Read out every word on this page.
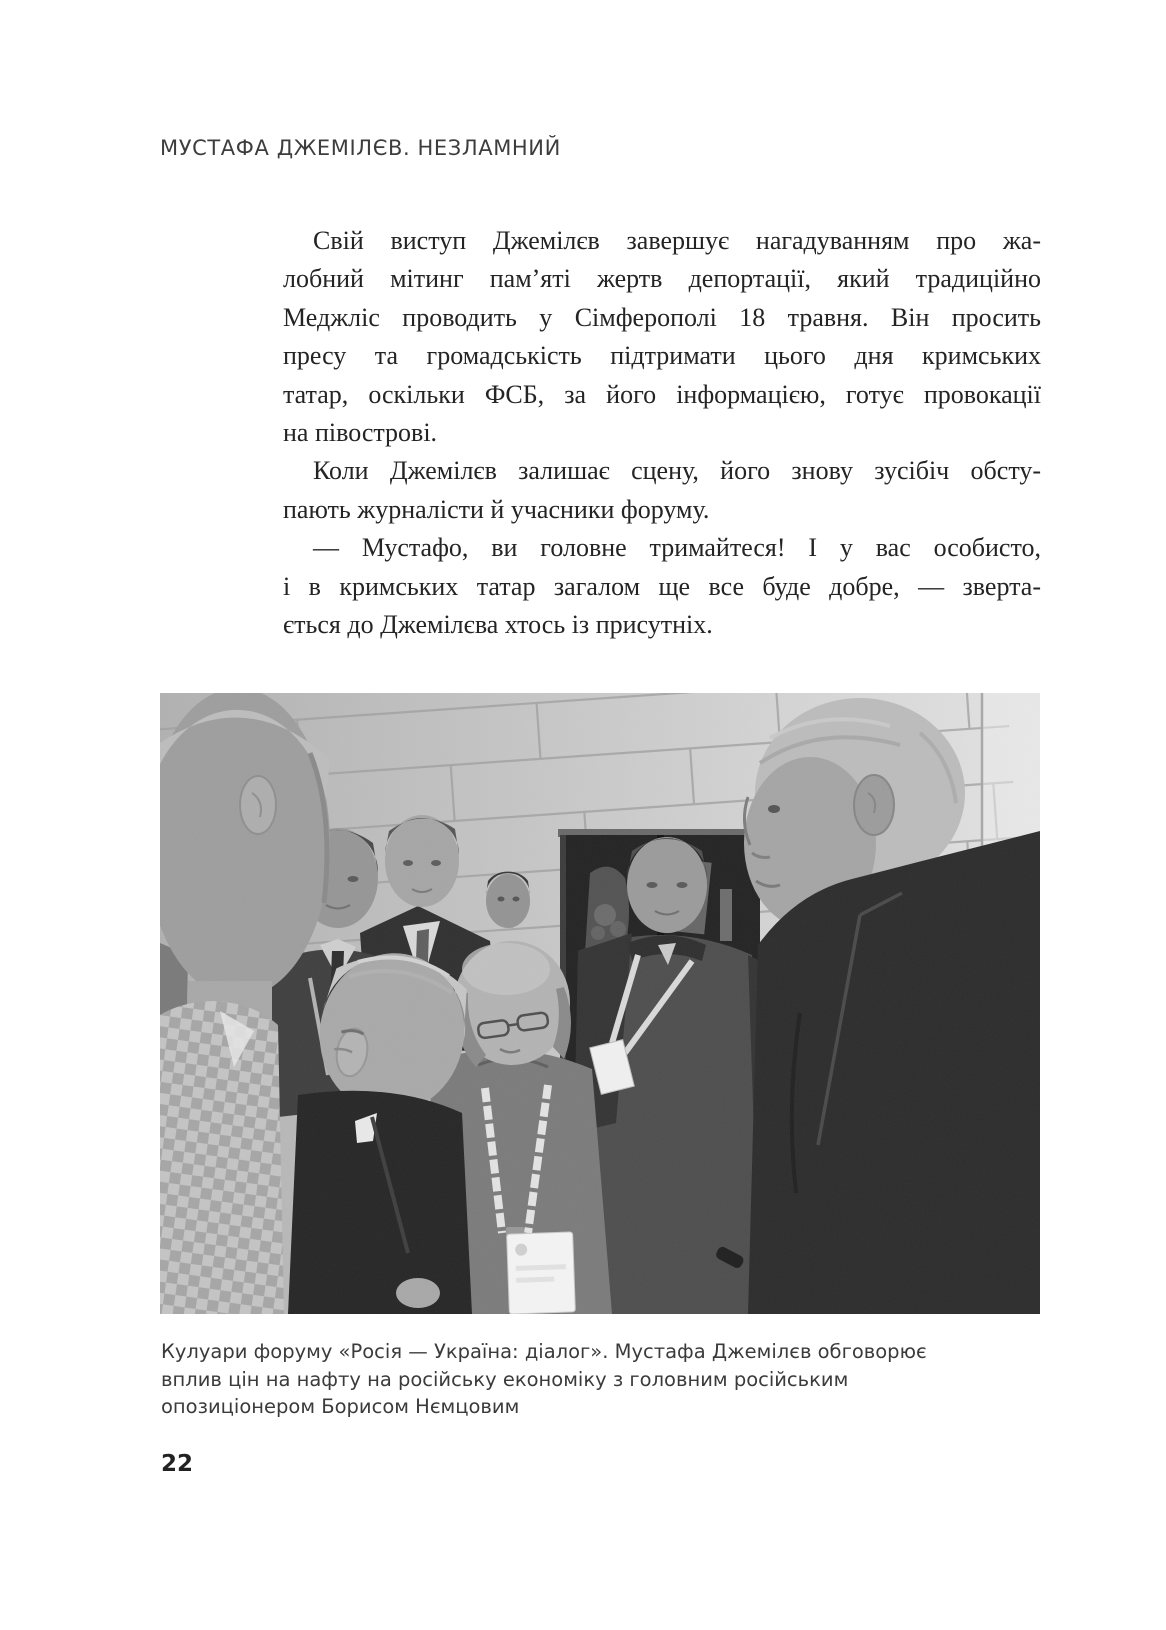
МУСТАФА ДЖЕМІЛЄВ. НЕЗЛАМНИЙ
Свій виступ Джемілєв завершує нагадуванням про жа-
лобний мітинг пам’яті жертв депортації, який традиційно
Меджліс проводить у Сімферополі 18 травня. Він просить
пресу та громадськість підтримати цього дня кримських
татар, оскільки ФСБ, за його інформацією, готує провокації
на півострові.
Коли Джемілєв залишає сцену, його знову зусібіч обсту-
пають журналісти й учасники форуму.
— Мустафо, ви головне тримайтеся! І у вас особисто,
і в кримських татар загалом ще все буде добре, — зверта-
ється до Джемілєва хтось із присутніх.
Кулуари форуму «Росія — Україна: діалог». Мустафа Джемілєв обговорює
вплив цін на нафту на російську економіку з головним російським
опозиціонером Борисом Нємцовим
22
